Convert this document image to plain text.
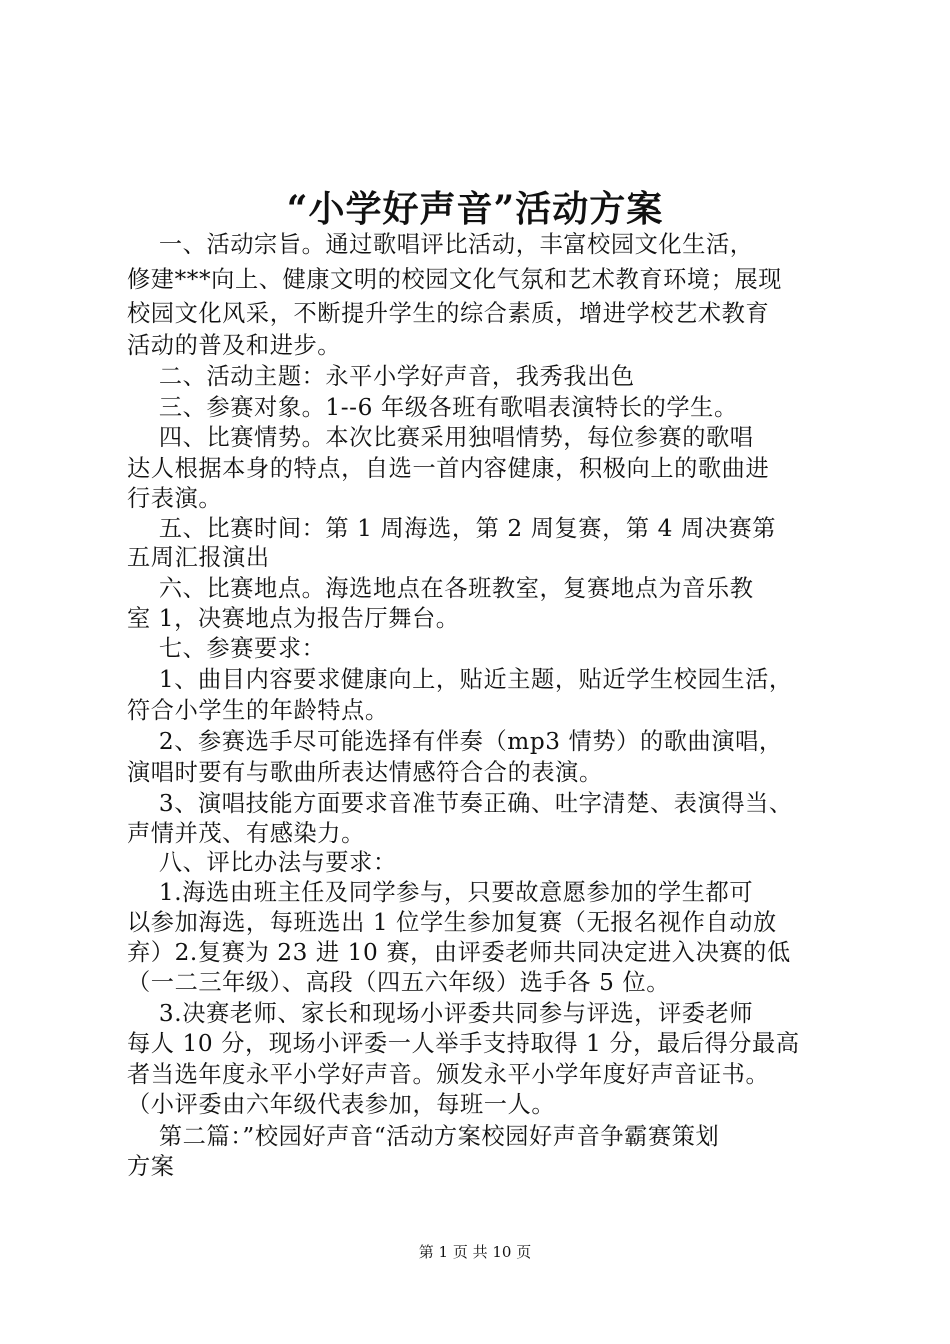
“小学好声音”活动方案
一、活动宗旨。通过歌唱评比活动，丰富校园文化生活，
修建***向上、健康文明的校园文化气氛和艺术教育环境；展现
校园文化风采，不断提升学生的综合素质，增进学校艺术教育
活动的普及和进步。
二、活动主题：永平小学好声音，我秀我出色
三、参赛对象。1--6 年级各班有歌唱表演特长的学生。
四、比赛情势。本次比赛采用独唱情势，每位参赛的歌唱
达人根据本身的特点，自选一首内容健康，积极向上的歌曲进
行表演。
五、比赛时间：第 1 周海选，第 2 周复赛，第 4 周决赛第
五周汇报演出
六、比赛地点。海选地点在各班教室，复赛地点为音乐教
室 1，决赛地点为报告厅舞台。
七、参赛要求：
1、曲目内容要求健康向上，贴近主题，贴近学生校园生活，
符合小学生的年龄特点。
2、参赛选手尽可能选择有伴奏（mp3 情势）的歌曲演唱，
演唱时要有与歌曲所表达情感符合合的表演。
3、演唱技能方面要求音准节奏正确、吐字清楚、表演得当、
声情并茂、有感染力。
八、评比办法与要求：
1.海选由班主任及同学参与，只要故意愿参加的学生都可
以参加海选，每班选出 1 位学生参加复赛（无报名视作自动放
弃）2.复赛为 23 进 10 赛，由评委老师共同决定进入决赛的低
（一二三年级）、高段（四五六年级）选手各 5 位。
3.决赛老师、家长和现场小评委共同参与评选，评委老师
每人 10 分，现场小评委一人举手支持取得 1 分，最后得分最高
者当选年度永平小学好声音。颁发永平小学年度好声音证书。
（小评委由六年级代表参加，每班一人。
第二篇：”校园好声音“活动方案校园好声音争霸赛策划
方案
第 1 页 共 10 页
